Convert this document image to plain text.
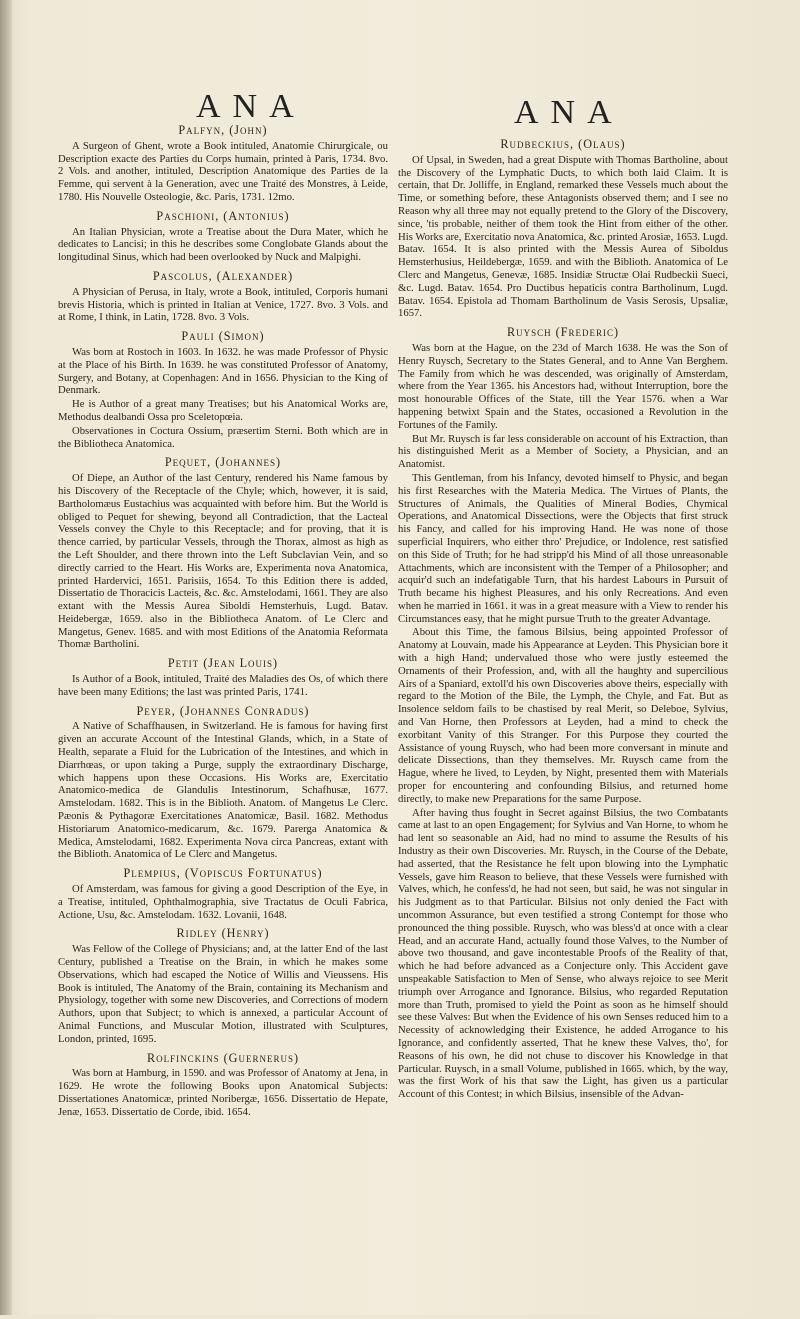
ANA	ANA
Palfyn, (John)

A Surgeon of Ghent, wrote a Book intituled, Anatomie Chirurgicale, ou Description exacte des Parties du Corps humain, printed à Paris, 1734. 8vo. 2 Vols. and another, intituled, Description Anatomique des Parties de la Femme, qui servent à la Generation, avec une Traité des Monstres, à Leide, 1780. His Nouvelle Osteologie, &c. Paris, 1731. 12mo.

Paschioni, (Antonius)

An Italian Physician, wrote a Treatise about the Dura Mater, which he dedicates to Lancisi; in this he describes some Conglobate Glands about the longitudinal Sinus, which had been overlooked by Nuck and Malpighi.

Pascolus, (Alexander)

A Physician of Perusa, in Italy, wrote a Book, intituled, Corporis humani brevis Historia, which is printed in Italian at Venice, 1727. 8vo. 3 Vols. and at Rome, I think, in Latin, 1728. 8vo. 3 Vols.

Pauli (Simon)

Was born at Rostoch in 1603. In 1632. he was made Professor of Physic at the Place of his Birth. In 1639. he was constituted Professor of Anatomy, Surgery, and Botany, at Copenhagen: And in 1656. Physician to the King of Denmark.

He is Author of a great many Treatises; but his Anatomical Works are, Methodus dealbandi Ossa pro Sceletopœia.

Observationes in Coctura Ossium, præsertim Sterni. Both which are in the Bibliotheca Anatomica.

Pequet, (Johannes)

Of Diepe, an Author of the last Century, rendered his Name famous by his Discovery of the Receptacle of the Chyle; which, however, it is said, Bartholomæus Eustachius was acquainted with before him. But the World is obliged to Pequet for shewing, beyond all Contradiction, that the Lacteal Vessels convey the Chyle to this Receptacle; and for proving, that it is thence carried, by particular Vessels, through the Thorax, almost as high as the Left Shoulder, and there thrown into the Left Subclavian Vein, and so directly carried to the Heart. His Works are, Experimenta nova Anatomica, printed Hardervici, 1651. Parisiis, 1654. To this Edition there is added, Dissertatio de Thoracicis Lacteis, &c. &c. Amstelodami, 1661. They are also extant with the Messis Aurea Siboldi Hemsterhuis, Lugd. Batav. Heidebergæ, 1659. also in the Bibliotheca Anatom. of Le Clerc and Mangetus, Genev. 1685. and with most Editions of the Anatomia Reformata Thomæ Bartholini.

Petit (Jean Louis)

Is Author of a Book, intituled, Traité des Maladies des Os, of which there have been many Editions; the last was printed Paris, 1741.

Peyer, (Johannes Conradus)

A Native of Schaffhausen, in Switzerland. He is famous for having first given an accurate Account of the Intestinal Glands, which, in a State of Health, separate a Fluid for the Lubrication of the Intestines, and which in Diarrhœas, or upon taking a Purge, supply the extraordinary Discharge, which happens upon these Occasions. His Works are, Exercitatio Anatomico-medica de Glandulis Intestinorum, Schafhusæ, 1677. Amstelodam. 1682. This is in the Biblioth. Anatom. of Mangetus Le Clerc. Pæonis & Pythagoræ Exercitationes Anatomicæ, Basil. 1682. Methodus Historiarum Anatomico-medicarum, &c. 1679. Parerga Anatomica & Medica, Amstelodami, 1682. Experimenta Nova circa Pancreas, extant with the Biblioth. Anatomica of Le Clerc and Mangetus.

Plempius, (Vopiscus Fortunatus)

Of Amsterdam, was famous for giving a good Description of the Eye, in a Treatise, intituled, Ophthalmographia, sive Tractatus de Oculi Fabrica, Actione, Usu, &c. Amstelodam. 1632. Lovanii, 1648.

Ridley (Henry)

Was Fellow of the College of Physicians; and, at the latter End of the last Century, published a Treatise on the Brain, in which he makes some Observations, which had escaped the Notice of Willis and Vieussens. His Book is intituled, The Anatomy of the Brain, containing its Mechanism and Physiology, together with some new Discoveries, and Corrections of modern Authors, upon that Subject; to which is annexed, a particular Account of Animal Functions, and Muscular Motion, illustrated with Sculptures, London, printed, 1695.

Rolfinckins (Guernerus)

Was born at Hamburg, in 1590. and was Professor of Anatomy at Jena, in 1629. He wrote the following Books upon Anatomical Subjects: Dissertationes Anatomicæ, printed Noribergæ, 1656. Dissertatio de Hepate, Jenæ, 1653. Dissertatio de Corde, ibid. 1654.

Rudbeckius, (Olaus)

Of Upsal, in Sweden, had a great Dispute with Thomas Bartholine, about the Discovery of the Lymphatic Ducts, to which both laid Claim. It is certain, that Dr. Jolliffe, in England, remarked these Vessels much about the Time, or something before, these Antagonists observed them; and I see no Reason why all three may not equally pretend to the Glory of the Discovery, since, 'tis probable, neither of them took the Hint from either of the other. His Works are, Exercitatio nova Anatomica, &c. printed Arosiæ, 1653. Lugd. Batav. 1654. It is also printed with the Messis Aurea of Siboldus Hemsterhusius, Heildebergæ, 1659. and with the Biblioth. Anatomica of Le Clerc and Mangetus, Genevæ, 1685. Insidiæ Structæ Olai Rudbeckii Sueci, &c. Lugd. Batav. 1654. Pro Ductibus hepaticis contra Bartholinum, Lugd. Batav. 1654. Epistola ad Thomam Bartholinum de Vasis Serosis, Upsaliæ, 1657.

Ruysch (Frederic)

Was born at the Hague, on the 23d of March 1638. He was the Son of Henry Ruysch, Secretary to the States General, and to Anne Van Berghem. The Family from which he was descended, was originally of Amsterdam, where from the Year 1365. his Ancestors had, without Interruption, bore the most honourable Offices of the State, till the Year 1576. when a War happening betwixt Spain and the States, occasioned a Revolution in the Fortunes of the Family.

But Mr. Ruysch is far less considerable on account of his Extraction, than his distinguished Merit as a Member of Society, a Physician, and an Anatomist.

This Gentleman, from his Infancy, devoted himself to Physic, and began his first Researches with the Materia Medica. The Virtues of Plants, the Structures of Animals, the Qualities of Mineral Bodies, Chymical Operations, and Anatomical Dissections, were the Objects that first struck his Fancy, and called for his improving Hand. He was none of those superficial Inquirers, who either thro' Prejudice, or Indolence, rest satisfied on this Side of Truth; for he had stripp'd his Mind of all those unreasonable Attachments, which are inconsistent with the Temper of a Philosopher; and acquir'd such an indefatigable Turn, that his hardest Labours in Pursuit of Truth became his highest Pleasures, and his only Recreations. And even when he married in 1661. it was in a great measure with a View to render his Circumstances easy, that he might pursue Truth to the greater Advantage.

About this Time, the famous Bilsius, being appointed Professor of Anatomy at Louvain, made his Appearance at Leyden. This Physician bore it with a high Hand; undervalued those who were justly esteemed the Ornaments of their Profession, and, with all the haughty and supercilious Airs of a Spaniard, extoll'd his own Discoveries above theirs, especially with regard to the Motion of the Bile, the Lymph, the Chyle, and Fat. But as Insolence seldom fails to be chastised by real Merit, so Deleboe, Sylvius, and Van Horne, then Professors at Leyden, had a mind to check the exorbitant Vanity of this Stranger. For this Purpose they courted the Assistance of young Ruysch, who had been more conversant in minute and delicate Dissections, than they themselves. Mr. Ruysch came from the Hague, where he lived, to Leyden, by Night, presented them with Materials proper for encountering and confounding Bilsius, and returned home directly, to make new Preparations for the same Purpose.

After having thus fought in Secret against Bilsius, the two Combatants came at last to an open Engagement; for Sylvius and Van Horne, to whom he had lent so seasonable an Aid, had no mind to assume the Results of his Industry as their own Discoveries. Mr. Ruysch, in the Course of the Debate, had asserted, that the Resistance he felt upon blowing into the Lymphatic Vessels, gave him Reason to believe, that these Vessels were furnished with Valves, which, he confess'd, he had not seen, but said, he was not singular in his Judgment as to that Particular. Bilsius not only denied the Fact with uncommon Assurance, but even testified a strong Contempt for those who pronounced the thing possible. Ruysch, who was bless'd at once with a clear Head, and an accurate Hand, actually found those Valves, to the Number of above two thousand, and gave incontestable Proofs of the Reality of that, which he had before advanced as a Conjecture only. This Accident gave unspeakable Satisfaction to Men of Sense, who always rejoice to see Merit triumph over Arrogance and Ignorance. Bilsius, who regarded Reputation more than Truth, promised to yield the Point as soon as he himself should see these Valves: But when the Evidence of his own Senses reduced him to a Necessity of acknowledging their Existence, he added Arrogance to his Ignorance, and confidently asserted, That he knew these Valves, tho', for Reasons of his own, he did not chuse to discover his Knowledge in that Particular. Ruysch, in a small Volume, published in 1665. which, by the way, was the first Work of his that saw the Light, has given us a particular Account of this Contest; in which Bilsius, insensible of the Advan-
